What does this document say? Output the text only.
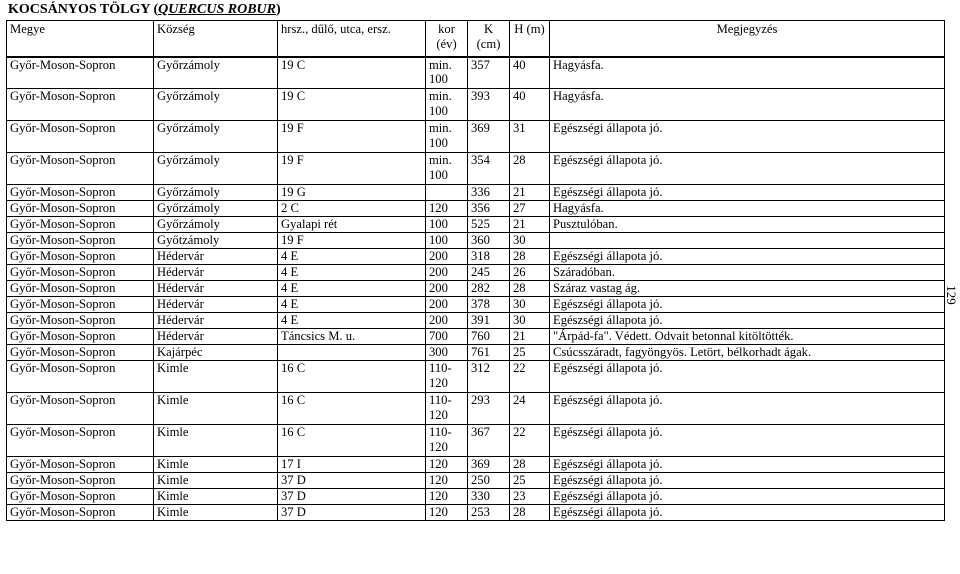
KOCSÁNYOS TÖLGY (QUERCUS ROBUR)
Megye	Község	hrsz., dűlő, utca, ersz.	kor (év)	K (cm)	H (m)	Megjegyzés
Győr-Moson-Sopron	Győrzámoly	19 C	min. 100	357	40	Hagyásfa.
Győr-Moson-Sopron	Győrzámoly	19 C	min. 100	393	40	Hagyásfa.
Győr-Moson-Sopron	Győrzámoly	19 F	min. 100	369	31	Egészségi állapota jó.
Győr-Moson-Sopron	Győrzámoly	19 F	min. 100	354	28	Egészségi állapota jó.
Győr-Moson-Sopron	Győrzámoly	19 G		336	21	Egészségi állapota jó.
Győr-Moson-Sopron	Győrzámoly	2 C	120	356	27	Hagyásfa.
Győr-Moson-Sopron	Győrzámoly	Gyalapi rét	100	525	21	Pusztulóban.
Győr-Moson-Sopron	Győtzámoly	19 F	100	360	30	
Győr-Moson-Sopron	Hédervár	4 E	200	318	28	Egészségi állapota jó.
Győr-Moson-Sopron	Hédervár	4 E	200	245	26	Száradóban.
Győr-Moson-Sopron	Hédervár	4 E	200	282	28	Száraz vastag ág.
Győr-Moson-Sopron	Hédervár	4 E	200	378	30	Egészségi állapota jó.
Győr-Moson-Sopron	Hédervár	4 E	200	391	30	Egészségi állapota jó.
Győr-Moson-Sopron	Hédervár	Táncsics M. u.	700	760	21	"Árpád-fa". Védett. Odvait betonnal kitöltötték.
Győr-Moson-Sopron	Kajárpéc		300	761	25	Csúcsszáradt, fagyöngyös. Letört, bélkorhadt ágak.
Győr-Moson-Sopron	Kimle	16 C	110- 120	312	22	Egészségi állapota jó.
Győr-Moson-Sopron	Kimle	16 C	110- 120	293	24	Egészségi állapota jó.
Győr-Moson-Sopron	Kimle	16 C	110- 120	367	22	Egészségi állapota jó.
Győr-Moson-Sopron	Kimle	17 I	120	369	28	Egészségi állapota jó.
Győr-Moson-Sopron	Kimle	37 D	120	250	25	Egészségi állapota jó.
Győr-Moson-Sopron	Kimle	37 D	120	330	23	Egészségi állapota jó.
Győr-Moson-Sopron	Kimle	37 D	120	253	28	Egészségi állapota jó.
129
